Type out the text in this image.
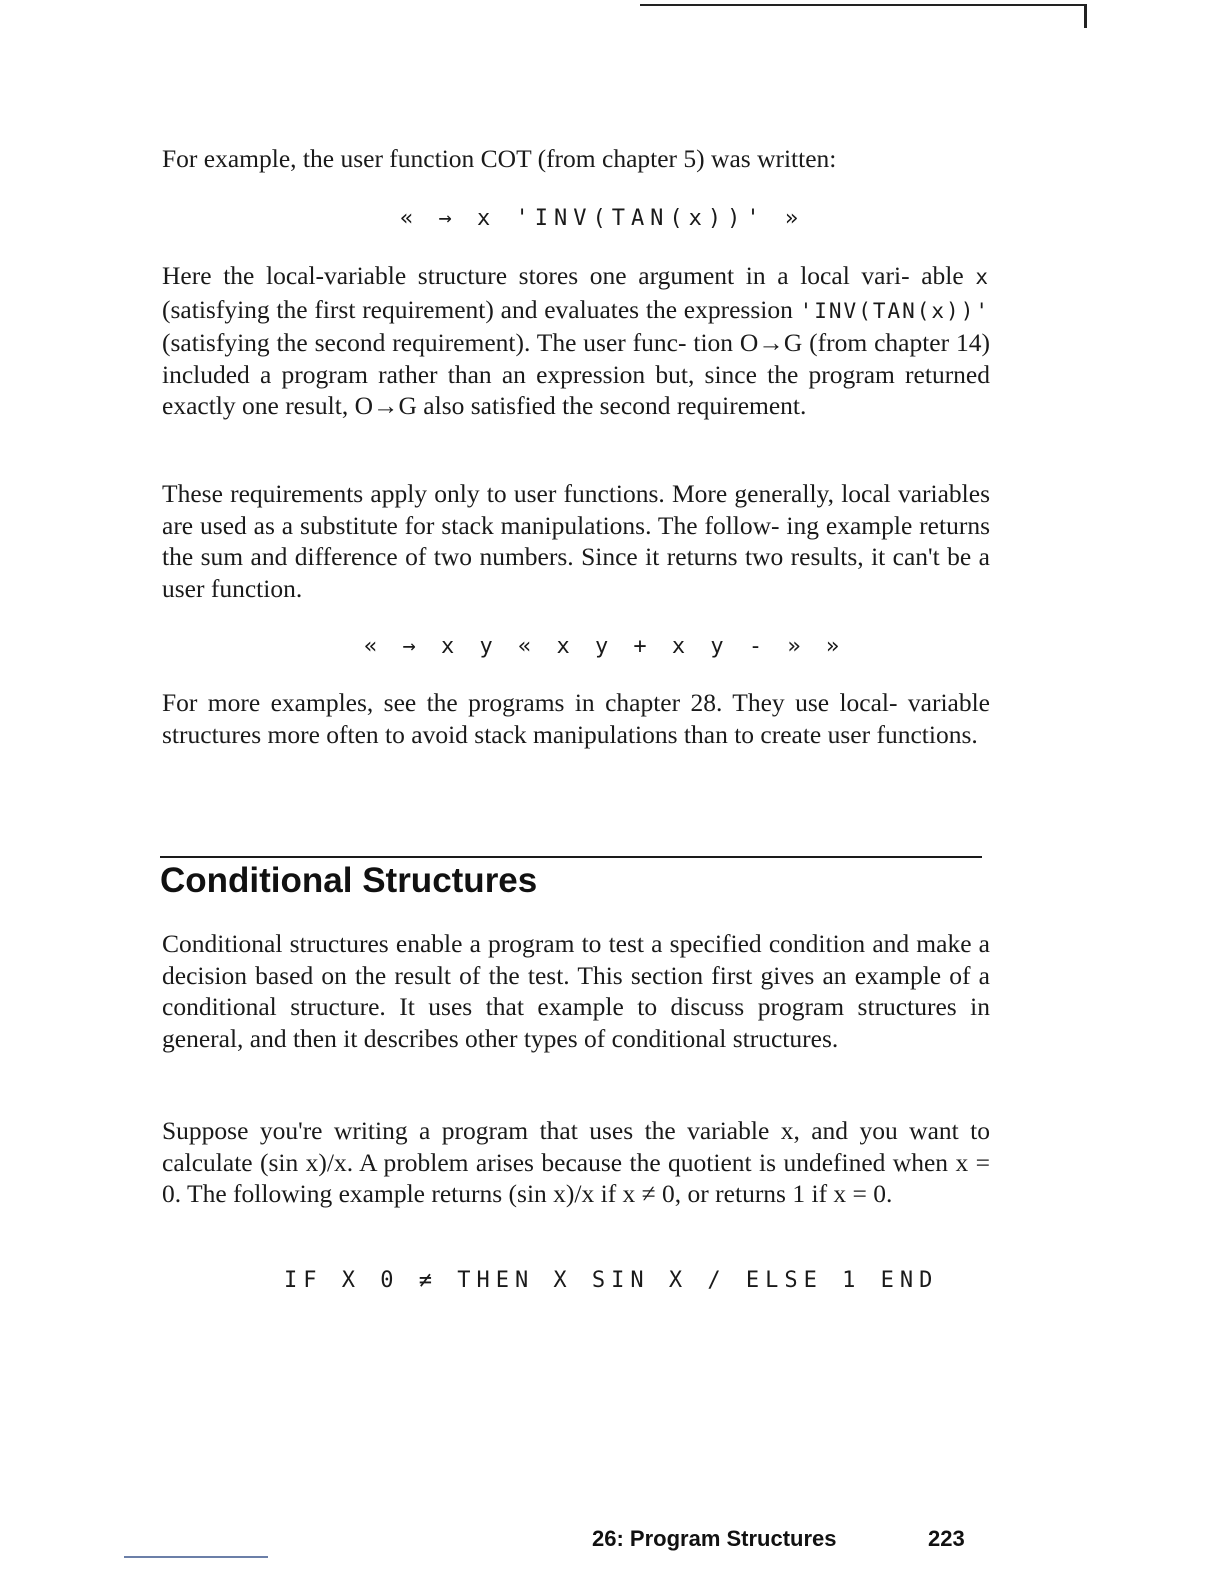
For example, the user function COT (from chapter 5) was written:

« → x 'INV(TAN(x))' »

Here the local-variable structure stores one argument in a local vari- able x (satisfying the first requirement) and evaluates the expression 'INV(TAN(x))' (satisfying the second requirement). The user func- tion O→G (from chapter 14) included a program rather than an expression but, since the program returned exactly one result, O→G also satisfied the second requirement.

These requirements apply only to user functions. More generally, local variables are used as a substitute for stack manipulations. The follow- ing example returns the sum and difference of two numbers. Since it returns two results, it can't be a user function.

« → x y « x y + x y - » »

For more examples, see the programs in chapter 28. They use local- variable structures more often to avoid stack manipulations than to create user functions.

Conditional Structures

Conditional structures enable a program to test a specified condition and make a decision based on the result of the test. This section first gives an example of a conditional structure. It uses that example to discuss program structures in general, and then it describes other types of conditional structures.

Suppose you're writing a program that uses the variable x, and you want to calculate (sin x)/x. A problem arises because the quotient is undefined when x = 0. The following example returns (sin x)/x if x ≠ 0, or returns 1 if x = 0.

IF X 0 ≠ THEN X SIN X / ELSE 1 END
26: Program Structures	223
